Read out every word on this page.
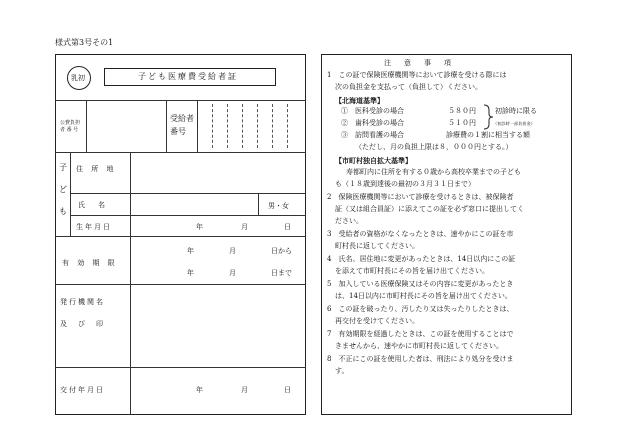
様式第3号その1
乳初	子ども医療費受給者証
公費負担
者 番 号
受給者
番号
子
ど
も
住 所 地
氏　名	男・女
生年月日	年	月	日
有 効 期 限
年	月	日から
年	月	日まで
発行機関名
及　び　印
交付年月日	年	月	日
注　意　事　項
1　この証で保険医療機関等において診療を受ける際には
次の負担金を支払って（負担して）ください。
【北海道基準】
①　医科受診の場合	５８０円
②　歯科受診の場合	５１０円
初診時に限る
（初診時一部負担金）
③　訪問看護の場合	診療費の１割に相当する額
（ただし、月の負担上限は８，０００円とする。）
【市町村独自拡大基準】
寿都町内に住所を有する０歳から高校卒業までの子ども
も（１８歳到達後の最初の３月３１日まで）
2　保険医療機関等において診療を受けるときは、被保険者
証（又は組合員証）に添えてこの証を必ず窓口に提出してく
ださい。
3　受給者の資格がなくなったときは、速やかにこの証を市
町村長に返してください。
4　氏名、居住地に変更があったときは、14日以内にこの証
を添えて市町村長にその旨を届け出てください。
5　加入している医療保険又はその内容に変更があったとき
は、14日以内に市町村長にその旨を届け出てください。
6　この証を破ったり、汚したり又は失ったりしたときは、
再交付を受けてください。
7　有効期限を経過したときは、この証を使用することはで
きませんから、速やかに市町村長に返してください。
8　不正にこの証を使用した者は、刑法により処分を受けま
す。
